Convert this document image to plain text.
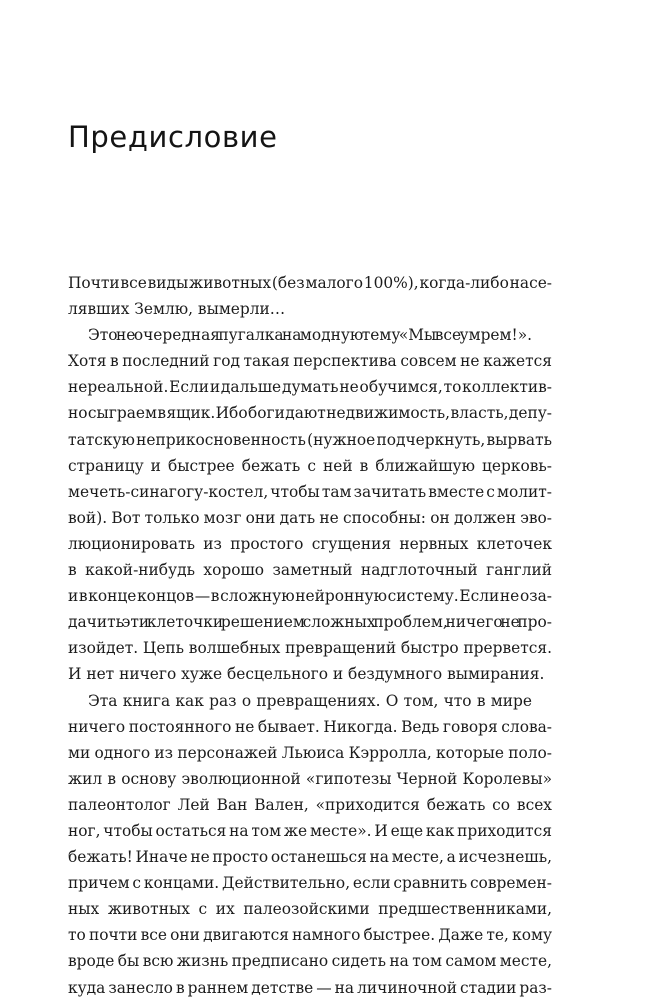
Предисловие
Почти все виды животных (без малого 100%), когда-либо насе-
лявших Землю, вымерли…
Это не очередная пугалка на модную тему «Мы все умрем!».
Хотя в последний год такая перспектива совсем не кажется
нереальной. Если и дальше думать не обучимся, то коллектив-
но сыграем в ящик. Ибо боги дают недвижимость, власть, депу-
татскую неприкосновенность (нужное подчеркнуть, вырвать
страницу и быстрее бежать с ней в ближайшую церковь-
мечеть-синагогу-костел, чтобы там зачитать вместе с молит-
вой). Вот только мозг они дать не способны: он должен эво-
люционировать из простого сгущения нервных клеточек
в какой-нибудь хорошо заметный надглоточный ганглий
и в конце концов — в сложную нейронную систему. Если не оза-
дачить эти клеточки решением сложных проблем, ничего не про-
изойдет. Цепь волшебных превращений быстро прервется.
И нет ничего хуже бесцельного и бездумного вымирания.
Эта книга как раз о превращениях. О том, что в мире
ничего постоянного не бывает. Никогда. Ведь говоря слова-
ми одного из персонажей Льюиса Кэрролла, которые поло-
жил в основу эволюционной «гипотезы Черной Королевы»
палеонтолог Лей Ван Вален, «приходится бежать со всех
ног, чтобы остаться на том же месте». И еще как приходится
бежать! Иначе не просто останешься на месте, а исчезнешь,
причем с концами. Действительно, если сравнить современ-
ных животных с их палеозойскими предшественниками,
то почти все они двигаются намного быстрее. Даже те, кому
вроде бы всю жизнь предписано сидеть на том самом месте,
куда занесло в раннем детстве — на личиночной стадии раз-
